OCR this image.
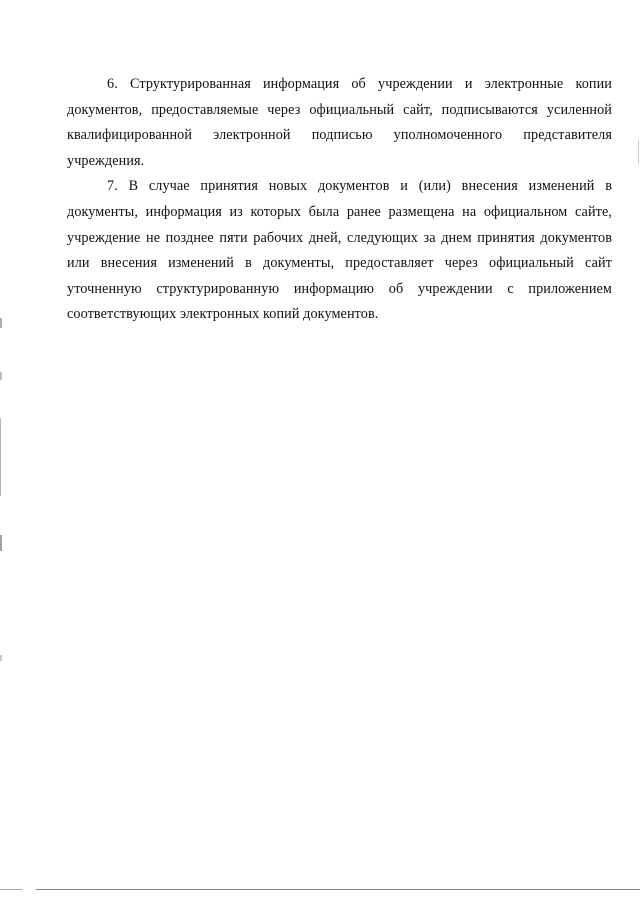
6. Структурированная информация об учреждении и электронные копии документов, предоставляемые через официальный сайт, подписываются усиленной квалифицированной электронной подписью уполномоченного представителя учреждения.

7. В случае принятия новых документов и (или) внесения изменений в документы, информация из которых была ранее размещена на официальном сайте, учреждение не позднее пяти рабочих дней, следующих за днем принятия документов или внесения изменений в документы, предоставляет через официальный сайт уточненную структурированную информацию об учреждении с приложением соответствующих электронных копий документов.
